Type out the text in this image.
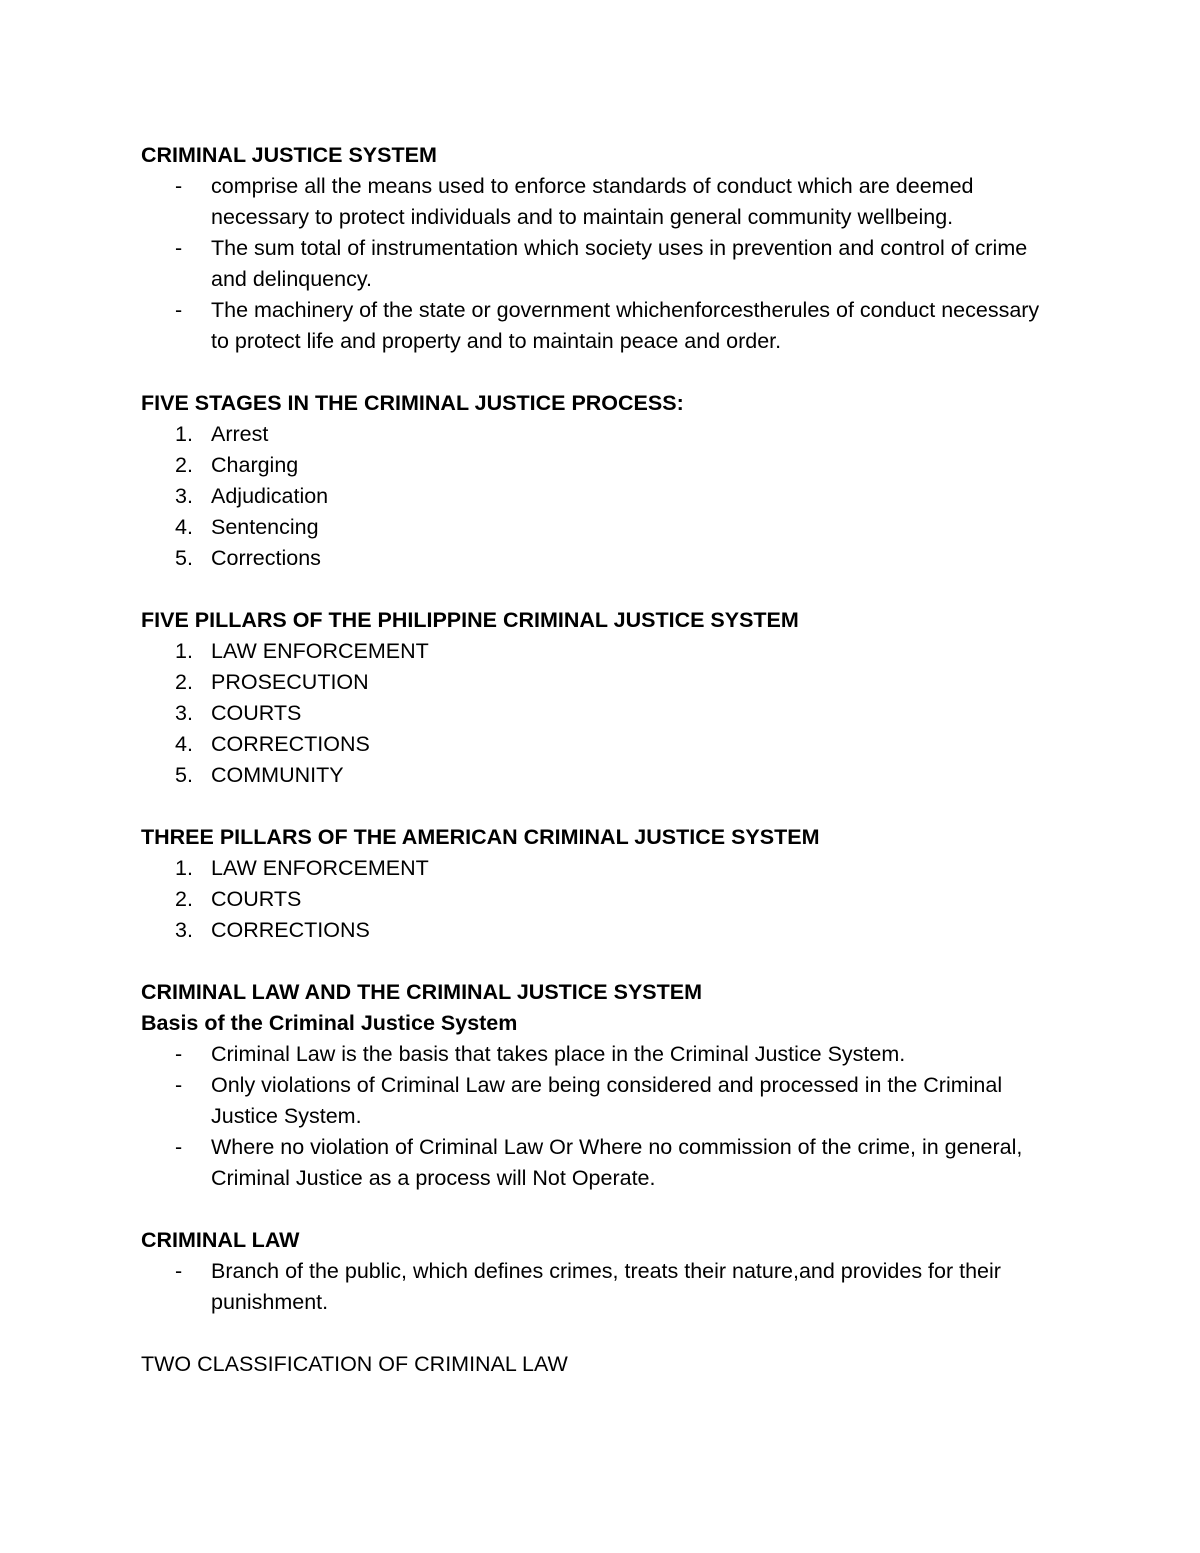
CRIMINAL JUSTICE SYSTEM

-	comprise all the means used to enforce standards of conduct which are deemed necessary to protect individuals and to maintain general community wellbeing.
-	The sum total of instrumentation which society uses in prevention and control of crime and delinquency.
-	The machinery of the state or government whichenforcestherules of conduct necessary to protect life and property and to maintain peace and order.

FIVE STAGES IN THE CRIMINAL JUSTICE PROCESS:

1. Arrest
2. Charging
3. Adjudication
4. Sentencing
5. Corrections

FIVE PILLARS OF THE PHILIPPINE CRIMINAL JUSTICE SYSTEM

1. LAW ENFORCEMENT
2. PROSECUTION
3. COURTS
4. CORRECTIONS
5. COMMUNITY

THREE PILLARS OF THE AMERICAN CRIMINAL JUSTICE SYSTEM

1. LAW ENFORCEMENT
2. COURTS
3. CORRECTIONS

CRIMINAL LAW AND THE CRIMINAL JUSTICE SYSTEM

Basis of the Criminal Justice System

-	Criminal Law is the basis that takes place in the Criminal Justice System.
-	Only violations of Criminal Law are being considered and processed in the Criminal Justice System.
-	Where no violation of Criminal Law Or Where no commission of the crime, in general, Criminal Justice as a process will Not Operate.

CRIMINAL LAW

-	Branch of the public, which defines crimes, treats their nature,and provides for their punishment.

TWO CLASSIFICATION OF CRIMINAL LAW
